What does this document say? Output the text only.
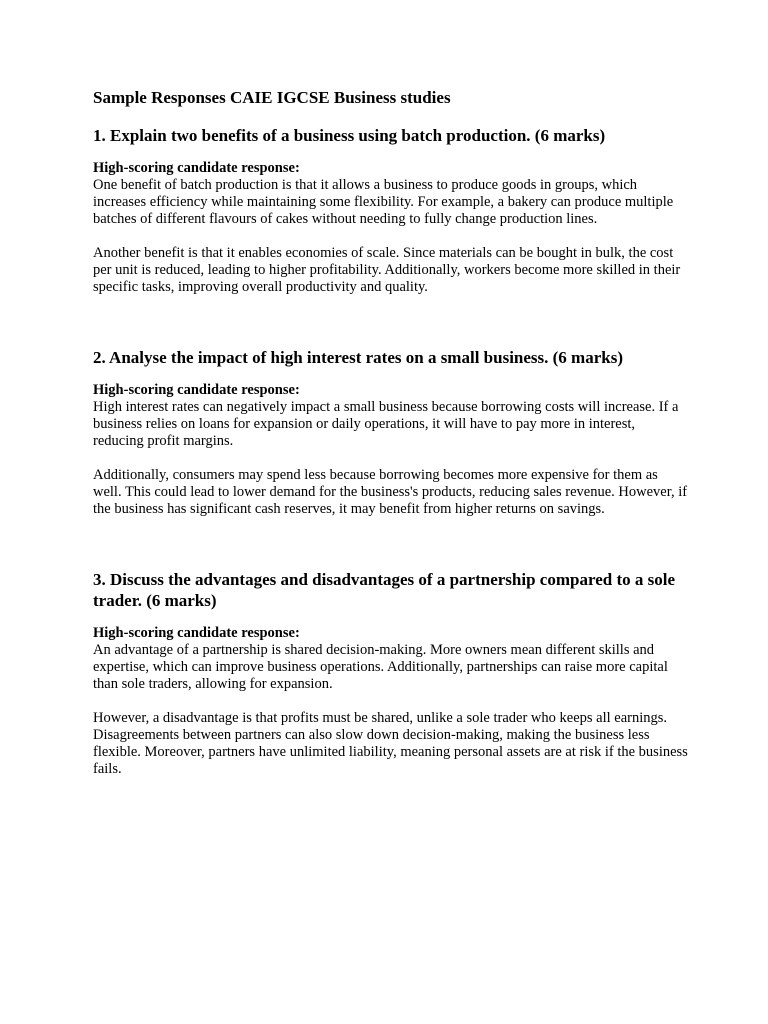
Sample Responses CAIE IGCSE Business studies
1. Explain two benefits of a business using batch production. (6 marks)

High-scoring candidate response:

One benefit of batch production is that it allows a business to produce goods in groups, which increases efficiency while maintaining some flexibility. For example, a bakery can produce multiple batches of different flavours of cakes without needing to fully change production lines.

Another benefit is that it enables economies of scale. Since materials can be bought in bulk, the cost per unit is reduced, leading to higher profitability. Additionally, workers become more skilled in their specific tasks, improving overall productivity and quality.

2. Analyse the impact of high interest rates on a small business. (6 marks)

High-scoring candidate response:

High interest rates can negatively impact a small business because borrowing costs will increase. If a business relies on loans for expansion or daily operations, it will have to pay more in interest, reducing profit margins.

Additionally, consumers may spend less because borrowing becomes more expensive for them as well. This could lead to lower demand for the business's products, reducing sales revenue. However, if the business has significant cash reserves, it may benefit from higher returns on savings.

3. Discuss the advantages and disadvantages of a partnership compared to a sole trader. (6 marks)

High-scoring candidate response:

An advantage of a partnership is shared decision-making. More owners mean different skills and expertise, which can improve business operations. Additionally, partnerships can raise more capital than sole traders, allowing for expansion.

However, a disadvantage is that profits must be shared, unlike a sole trader who keeps all earnings. Disagreements between partners can also slow down decision-making, making the business less flexible. Moreover, partners have unlimited liability, meaning personal assets are at risk if the business fails.
